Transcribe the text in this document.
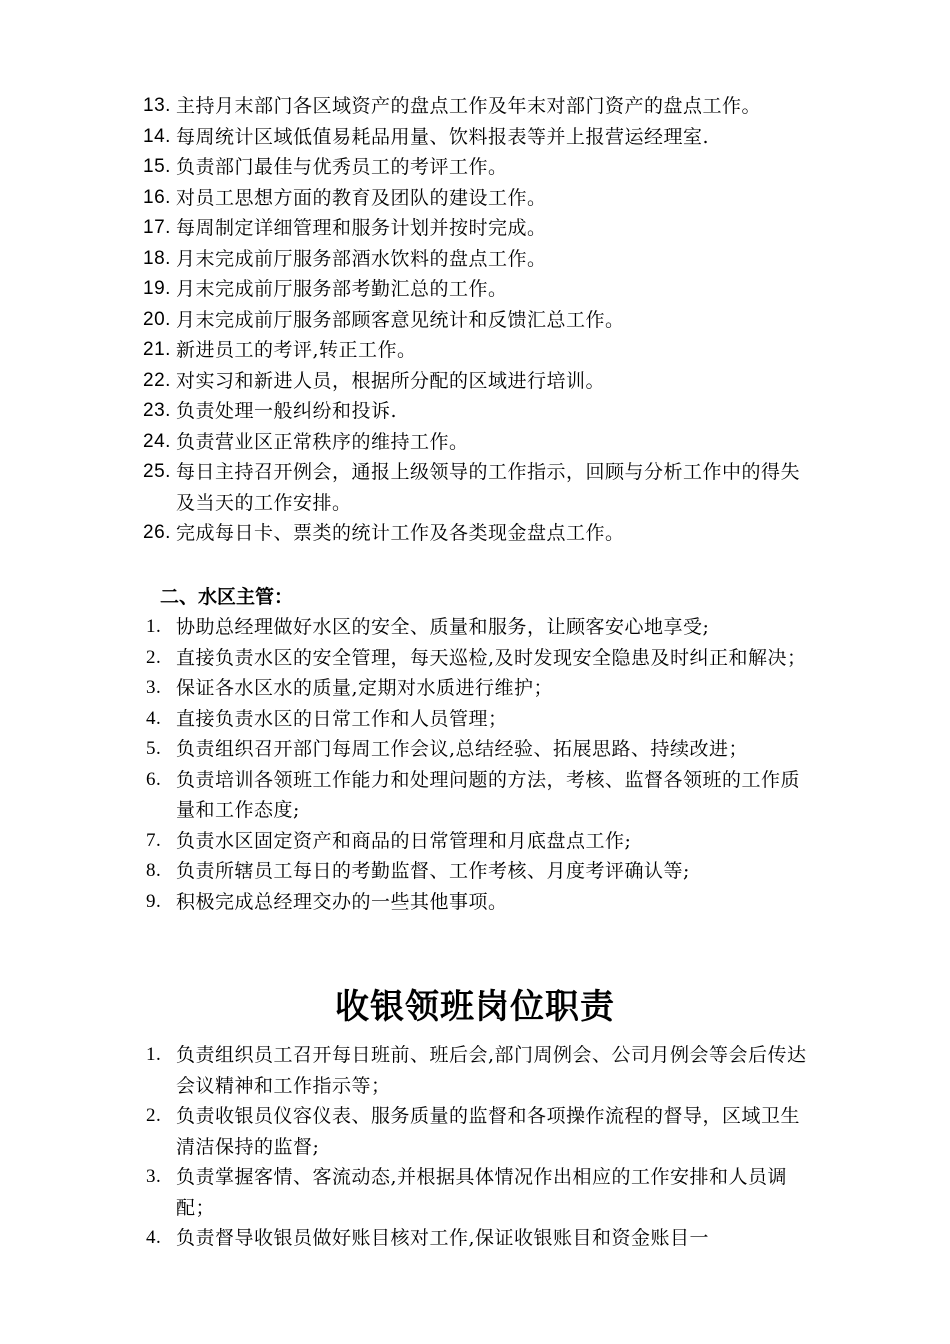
13. 主持月末部门各区域资产的盘点工作及年末对部门资产的盘点工作。
14. 每周统计区域低值易耗品用量、饮料报表等并上报营运经理室.
15. 负责部门最佳与优秀员工的考评工作。
16. 对员工思想方面的教育及团队的建设工作。
17. 每周制定详细管理和服务计划并按时完成。
18. 月末完成前厅服务部酒水饮料的盘点工作。
19. 月末完成前厅服务部考勤汇总的工作。
20. 月末完成前厅服务部顾客意见统计和反馈汇总工作。
21. 新进员工的考评,转正工作。
22. 对实习和新进人员，根据所分配的区域进行培训。
23. 负责处理一般纠纷和投诉.
24. 负责营业区正常秩序的维持工作。
25. 每日主持召开例会，通报上级领导的工作指示，回顾与分析工作中的得失及当天的工作安排。
26. 完成每日卡、票类的统计工作及各类现金盘点工作。
二、水区主管：
1. 协助总经理做好水区的安全、质量和服务，让顾客安心地享受;
2. 直接负责水区的安全管理，每天巡检,及时发现安全隐患及时纠正和解决；
3. 保证各水区水的质量,定期对水质进行维护；
4. 直接负责水区的日常工作和人员管理；
5. 负责组织召开部门每周工作会议,总结经验、拓展思路、持续改进；
6. 负责培训各领班工作能力和处理问题的方法，考核、监督各领班的工作质量和工作态度;
7. 负责水区固定资产和商品的日常管理和月底盘点工作;
8. 负责所辖员工每日的考勤监督、工作考核、月度考评确认等;
9. 积极完成总经理交办的一些其他事项。
收银领班岗位职责
1. 负责组织员工召开每日班前、班后会,部门周例会、公司月例会等会后传达会议精神和工作指示等；
2. 负责收银员仪容仪表、服务质量的监督和各项操作流程的督导，区域卫生清洁保持的监督;
3. 负责掌握客情、客流动态,并根据具体情况作出相应的工作安排和人员调配；
4. 负责督导收银员做好账目核对工作,保证收银账目和资金账目一
